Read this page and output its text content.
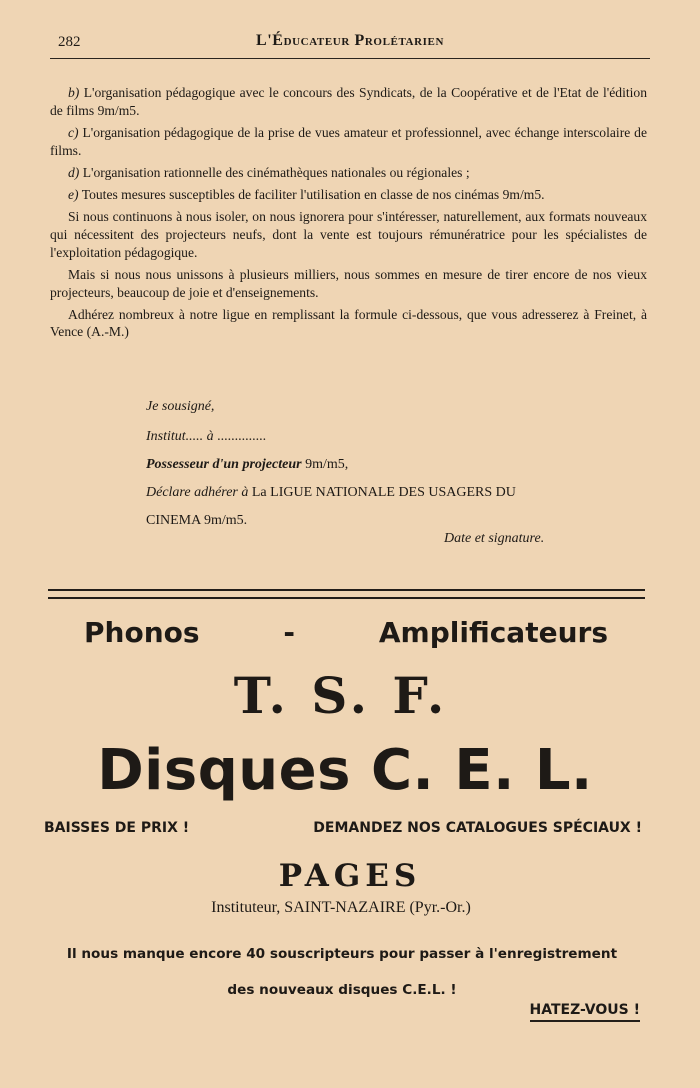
282	L'Éducateur Prolétarien

b) L'organisation pédagogique avec le concours des Syndicats, de la Coopérative et de l'Etat de l'édition de films 9m/m5.

c) L'organisation pédagogique de la prise de vues amateur et professionnel, avec échange interscolaire de films.

d) L'organisation rationnelle des cinémathèques nationales ou régionales ;

e) Toutes mesures susceptibles de faciliter l'utilisation en classe de nos cinémas 9m/m5.

Si nous continuons à nous isoler, on nous ignorera pour s'intéresser, naturellement, aux formats nouveaux qui nécessitent des projecteurs neufs, dont la vente est toujours rémunératrice pour les spécialistes de l'exploitation pédagogique.

Mais si nous nous unissons à plusieurs milliers, nous sommes en mesure de tirer encore de nos vieux projecteurs, beaucoup de joie et d'enseignements.

Adhérez nombreux à notre ligue en remplissant la formule ci-dessous, que vous adresserez à Freinet, à Vence (A.-M.)

Je sousigné,
Institut..... à ..............
Possesseur d'un projecteur 9m/m5,
Déclare adhérer à La LIGUE NATIONALE DES USAGERS DU
CINEMA 9m/m5.
Date et signature.
Phonos	-	Amplificateurs
T. S. F.
Disques C. E. L.
BAISSES DE PRIX !	DEMANDEZ NOS CATALOGUES SPÉCIAUX !
PAGES
Instituteur, SAINT-NAZAIRE (Pyr.-Or.)
Il nous manque encore 40 souscripteurs pour passer à l'enregistrement
des nouveaux disques C.E.L. !
HATEZ-VOUS !
